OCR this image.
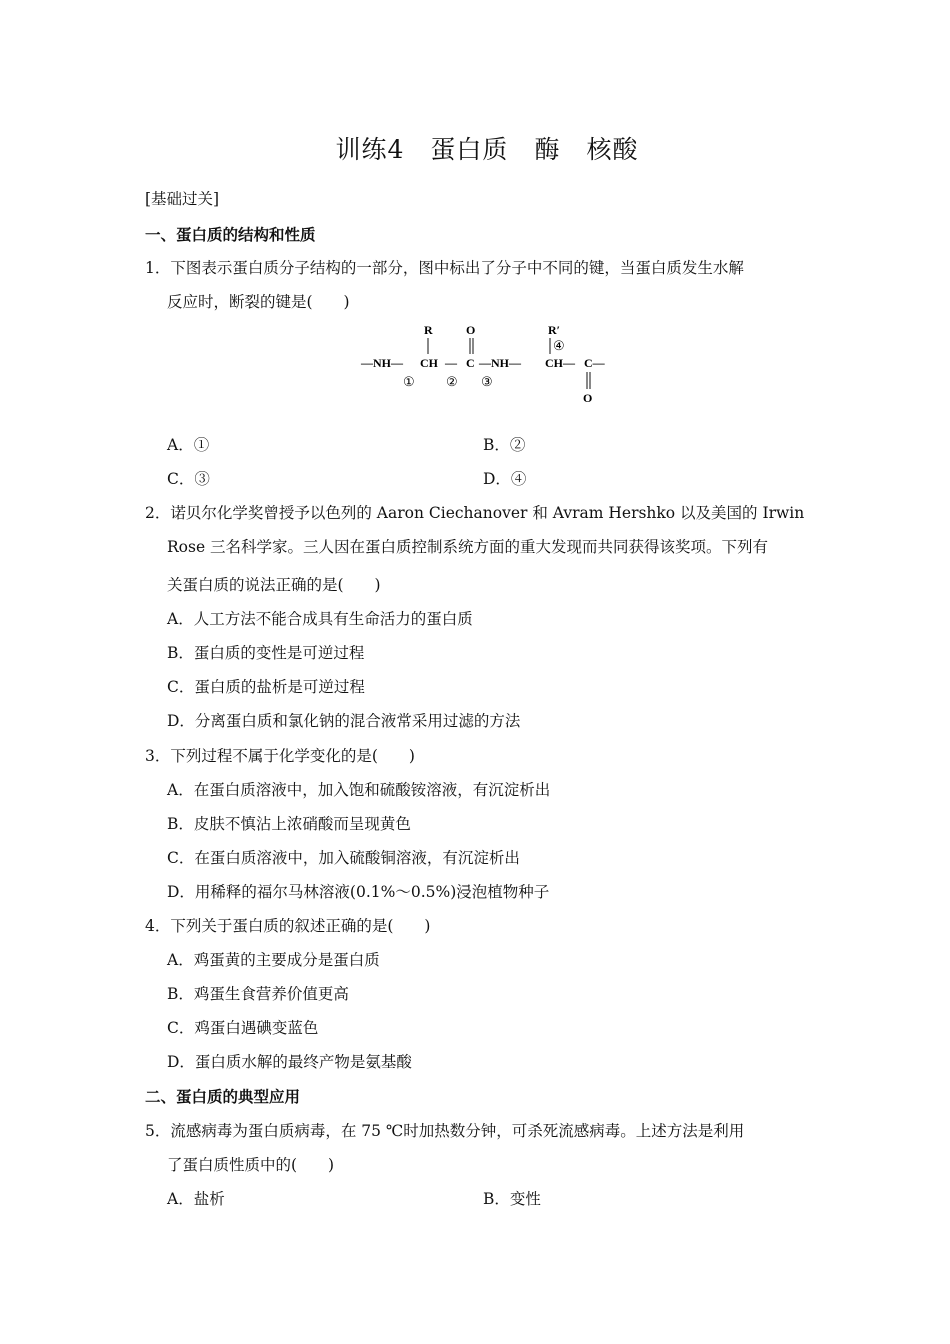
训练4　蛋白质　酶　核酸
[基础过关]
一、蛋白质的结构和性质
1．下图表示蛋白质分子结构的一部分，图中标出了分子中不同的键，当蛋白质发生水解
反应时，断裂的键是(　　)
R	O	R′
④
—NH— CH — C —NH— CH— C—
O
① ② ③
A．①	B．②
C．③	D．④
2．诺贝尔化学奖曾授予以色列的 Aaron Ciechanover 和 Avram Hershko 以及美国的 Irwin
Rose 三名科学家。三人因在蛋白质控制系统方面的重大发现而共同获得该奖项。下列有
关蛋白质的说法正确的是(　　)
A．人工方法不能合成具有生命活力的蛋白质
B．蛋白质的变性是可逆过程
C．蛋白质的盐析是可逆过程
D．分离蛋白质和氯化钠的混合液常采用过滤的方法
3．下列过程不属于化学变化的是(　　)
A．在蛋白质溶液中，加入饱和硫酸铵溶液，有沉淀析出
B．皮肤不慎沾上浓硝酸而呈现黄色
C．在蛋白质溶液中，加入硫酸铜溶液，有沉淀析出
D．用稀释的福尔马林溶液(0.1%～0.5%)浸泡植物种子
4．下列关于蛋白质的叙述正确的是(　　)
A．鸡蛋黄的主要成分是蛋白质
B．鸡蛋生食营养价值更高
C．鸡蛋白遇碘变蓝色
D．蛋白质水解的最终产物是氨基酸
二、蛋白质的典型应用
5．流感病毒为蛋白质病毒，在 75 ℃时加热数分钟，可杀死流感病毒。上述方法是利用
了蛋白质性质中的(　　)
A．盐析	B．变性
